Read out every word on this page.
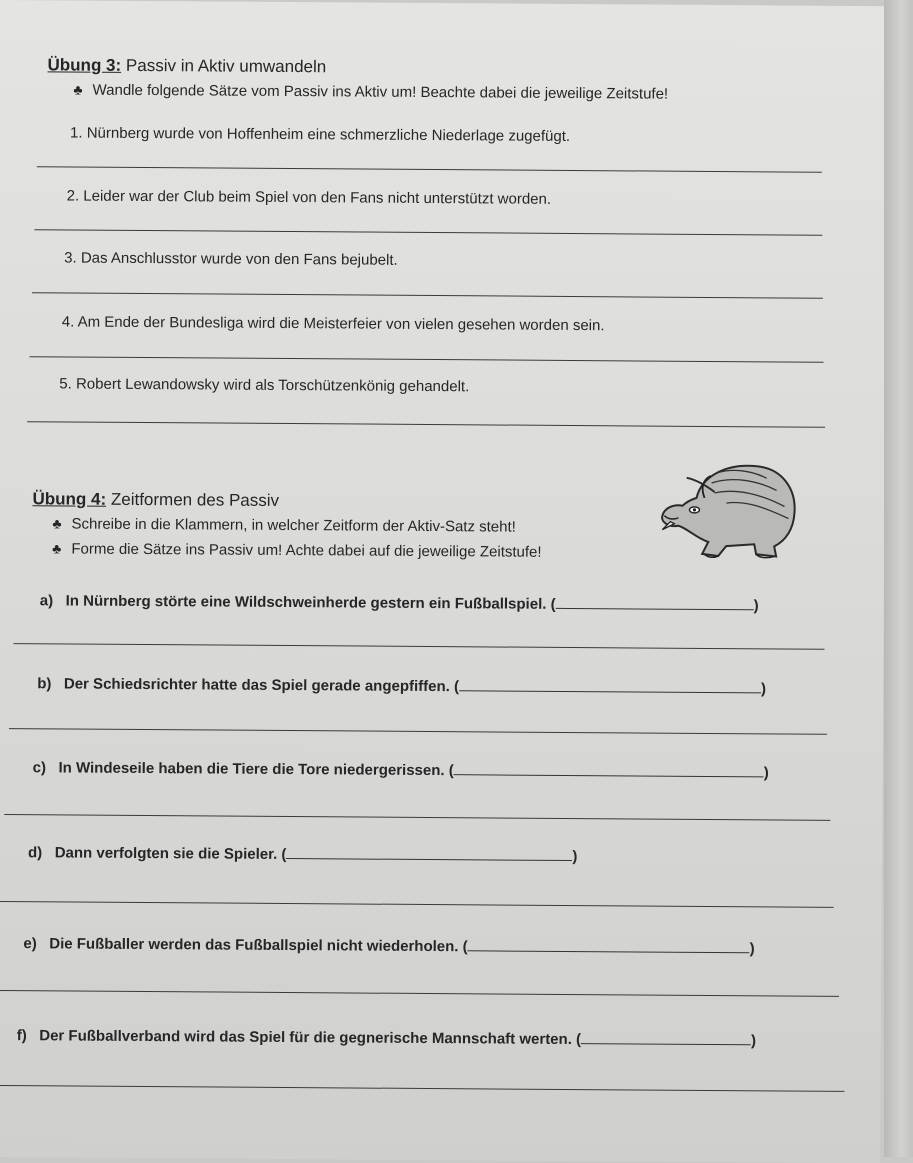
Übung 3: Passiv in Aktiv umwandeln
♣ Wandle folgende Sätze vom Passiv ins Aktiv um! Beachte dabei die jeweilige Zeitstufe!
1. Nürnberg wurde von Hoffenheim eine schmerzliche Niederlage zugefügt.
2. Leider war der Club beim Spiel von den Fans nicht unterstützt worden.
3. Das Anschlusstor wurde von den Fans bejubelt.
4. Am Ende der Bundesliga wird die Meisterfeier von vielen gesehen worden sein.
5. Robert Lewandowsky wird als Torschützenkönig gehandelt.
Übung 4: Zeitformen des Passiv
♣ Schreibe in die Klammern, in welcher Zeitform der Aktiv-Satz steht!
♣ Forme die Sätze ins Passiv um! Achte dabei auf die jeweilige Zeitstufe!
a) In Nürnberg störte eine Wildschweinherde gestern ein Fußballspiel. (	)
b) Der Schiedsrichter hatte das Spiel gerade angepfiffen. (	)
c) In Windeseile haben die Tiere die Tore niedergerissen. (	)
d) Dann verfolgten sie die Spieler. (	)
e) Die Fußballer werden das Fußballspiel nicht wiederholen. (	)
f) Der Fußballverband wird das Spiel für die gegnerische Mannschaft werten. (	)
